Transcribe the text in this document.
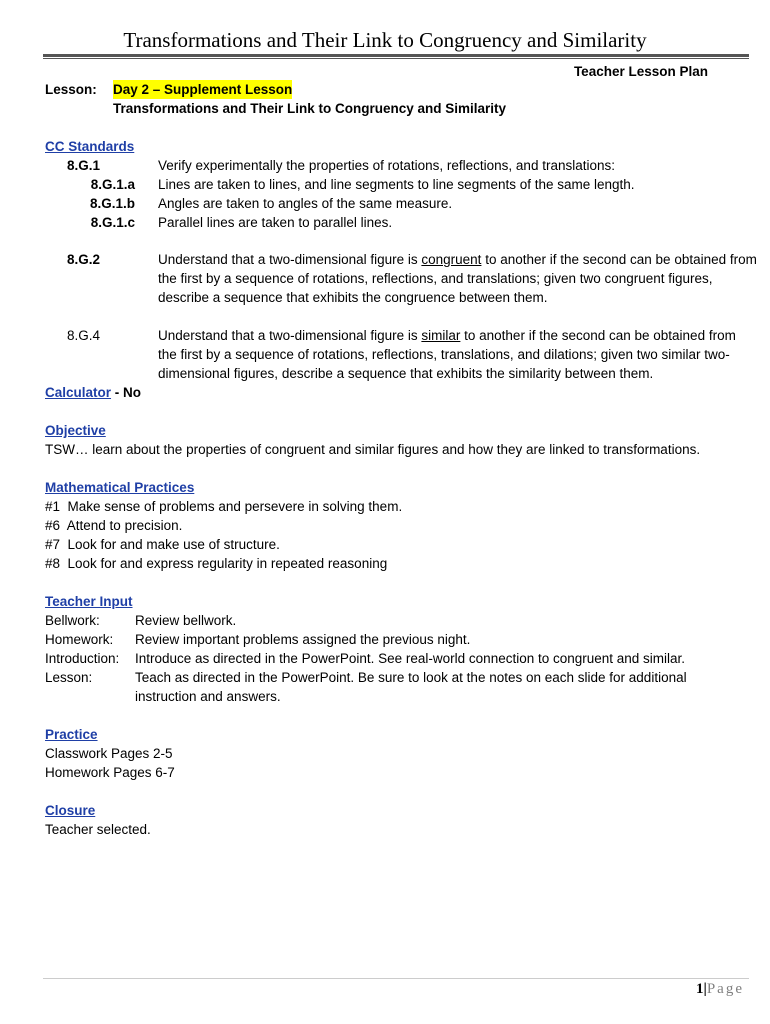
Transformations and Their Link to Congruency and Similarity
Teacher Lesson Plan
Lesson: Day 2 – Supplement Lesson
Transformations and Their Link to Congruency and Similarity
CC Standards
8.G.1	Verify experimentally the properties of rotations, reflections, and translations:
8.G.1.a Lines are taken to lines, and line segments to line segments of the same length.
8.G.1.b Angles are taken to angles of the same measure.
8.G.1.c Parallel lines are taken to parallel lines.
8.G.2	Understand that a two-dimensional figure is congruent to another if the second can be obtained from the first by a sequence of rotations, reflections, and translations; given two congruent figures, describe a sequence that exhibits the congruence between them.
8.G.4	Understand that a two-dimensional figure is similar to another if the second can be obtained from the first by a sequence of rotations, reflections, translations, and dilations; given two similar two-dimensional figures, describe a sequence that exhibits the similarity between them.
Calculator - No
Objective
TSW… learn about the properties of congruent and similar figures and how they are linked to transformations.
Mathematical Practices
#1  Make sense of problems and persevere in solving them.
#6  Attend to precision.
#7  Look for and make use of structure.
#8  Look for and express regularity in repeated reasoning
Teacher Input
Bellwork:	Review bellwork.
Homework: Review important problems assigned the previous night.
Introduction: Introduce as directed in the PowerPoint. See real-world connection to congruent and similar.
Lesson:	Teach as directed in the PowerPoint. Be sure to look at the notes on each slide for additional instruction and answers.
Practice
Classwork Pages 2-5
Homework Pages 6-7
Closure
Teacher selected.
1|Page
